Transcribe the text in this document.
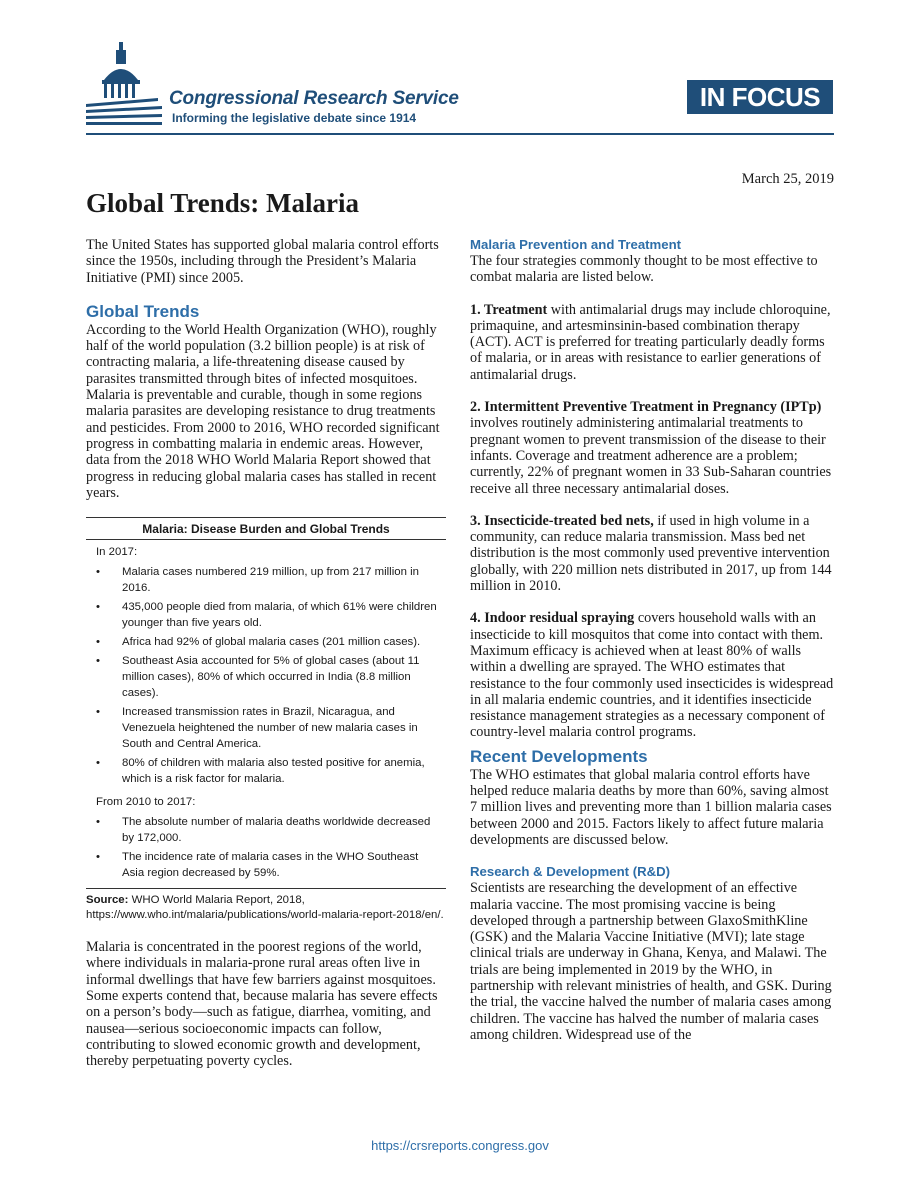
Congressional Research Service
Informing the legislative debate since 1914
IN FOCUS
March 25, 2019
Global Trends: Malaria

The United States has supported global malaria control efforts since the 1950s, including through the President’s Malaria Initiative (PMI) since 2005.

Global Trends

According to the World Health Organization (WHO), roughly half of the world population (3.2 billion people) is at risk of contracting malaria, a life-threatening disease caused by parasites transmitted through bites of infected mosquitoes. Malaria is preventable and curable, though in some regions malaria parasites are developing resistance to drug treatments and pesticides. From 2000 to 2016, WHO recorded significant progress in combatting malaria in endemic areas. However, data from the 2018 WHO World Malaria Report showed that progress in reducing global malaria cases has stalled in recent years.

Malaria: Disease Burden and Global Trends
In 2017:
• Malaria cases numbered 219 million, up from 217 million in 2016.
• 435,000 people died from malaria, of which 61% were children younger than five years old.
• Africa had 92% of global malaria cases (201 million cases).
• Southeast Asia accounted for 5% of global cases (about 11 million cases), 80% of which occurred in India (8.8 million cases).
• Increased transmission rates in Brazil, Nicaragua, and Venezuela heightened the number of new malaria cases in South and Central America.
• 80% of children with malaria also tested positive for anemia, which is a risk factor for malaria.
From 2010 to 2017:
• The absolute number of malaria deaths worldwide decreased by 172,000.
• The incidence rate of malaria cases in the WHO Southeast Asia region decreased by 59%.
Source: WHO World Malaria Report, 2018, https://www.who.int/malaria/publications/world-malaria-report-2018/en/.

Malaria is concentrated in the poorest regions of the world, where individuals in malaria-prone rural areas often live in informal dwellings that have few barriers against mosquitoes. Some experts contend that, because malaria has severe effects on a person’s body—such as fatigue, diarrhea, vomiting, and nausea—serious socioeconomic impacts can follow, contributing to slowed economic growth and development, thereby perpetuating poverty cycles.

Malaria Prevention and Treatment

The four strategies commonly thought to be most effective to combat malaria are listed below.

1. Treatment with antimalarial drugs may include chloroquine, primaquine, and artesminsinin-based combination therapy (ACT). ACT is preferred for treating particularly deadly forms of malaria, or in areas with resistance to earlier generations of antimalarial drugs.

2. Intermittent Preventive Treatment in Pregnancy (IPTp) involves routinely administering antimalarial treatments to pregnant women to prevent transmission of the disease to their infants. Coverage and treatment adherence are a problem; currently, 22% of pregnant women in 33 Sub-Saharan countries receive all three necessary antimalarial doses.

3. Insecticide-treated bed nets, if used in high volume in a community, can reduce malaria transmission. Mass bed net distribution is the most commonly used preventive intervention globally, with 220 million nets distributed in 2017, up from 144 million in 2010.

4. Indoor residual spraying covers household walls with an insecticide to kill mosquitos that come into contact with them. Maximum efficacy is achieved when at least 80% of walls within a dwelling are sprayed. The WHO estimates that resistance to the four commonly used insecticides is widespread in all malaria endemic countries, and it identifies insecticide resistance management strategies as a necessary component of country-level malaria control programs.

Recent Developments

The WHO estimates that global malaria control efforts have helped reduce malaria deaths by more than 60%, saving almost 7 million lives and preventing more than 1 billion malaria cases between 2000 and 2015. Factors likely to affect future malaria developments are discussed below.

Research & Development (R&D)

Scientists are researching the development of an effective malaria vaccine. The most promising vaccine is being developed through a partnership between GlaxoSmithKline (GSK) and the Malaria Vaccine Initiative (MVI); late stage clinical trials are underway in Ghana, Kenya, and Malawi. The trials are being implemented in 2019 by the WHO, in partnership with relevant ministries of health, and GSK. During the trial, the vaccine halved the number of malaria cases among children. The vaccine has halved the number of malaria cases among children. Widespread use of the

https://crsreports.congress.gov
